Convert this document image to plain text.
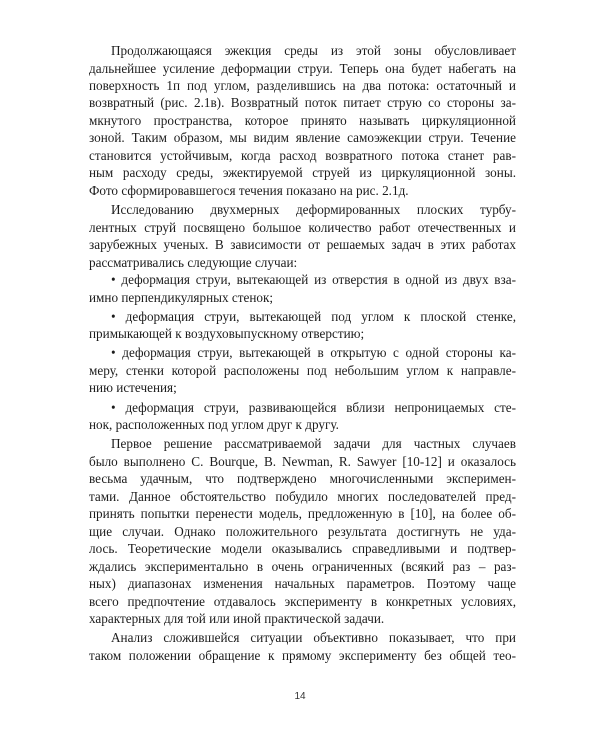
Продолжающаяся эжекция среды из этой зоны обусловливает
дальнейшее усиление деформации струи. Теперь она будет набегать на
поверхность 1п под углом, разделившись на два потока: остаточный и
возвратный (рис. 2.1в). Возвратный поток питает струю со стороны за-
мкнутого пространства, которое принято называть циркуляционной
зоной. Таким образом, мы видим явление самоэжекции струи. Течение
становится устойчивым, когда расход возвратного потока станет рав-
ным расходу среды, эжектируемой струей из циркуляционной зоны.
Фото сформировавшегося течения показано на рис. 2.1д.
Исследованию двухмерных деформированных плоских турбу-
лентных струй посвящено большое количество работ отечественных и
зарубежных ученых. В зависимости от решаемых задач в этих работах
рассматривались следующие случаи:
• деформация струи, вытекающей из отверстия в одной из двух вза-
имно перпендикулярных стенок;
• деформация струи, вытекающей под углом к плоской стенке,
примыкающей к воздуховыпускному отверстию;
• деформация струи, вытекающей в открытую с одной стороны ка-
меру, стенки которой расположены под небольшим углом к направле-
нию истечения;
• деформация струи, развивающейся вблизи непроницаемых сте-
нок, расположенных под углом друг к другу.
Первое решение рассматриваемой задачи для частных случаев
было выполнено C. Bourque, B. Newman, R. Sawyer [10-12] и оказалось
весьма удачным, что подтверждено многочисленными эксперимен-
тами. Данное обстоятельство побудило многих последователей пред-
принять попытки перенести модель, предложенную в [10], на более об-
щие случаи. Однако положительного результата достигнуть не уда-
лось. Теоретические модели оказывались справедливыми и подтвер-
ждались экспериментально в очень ограниченных (всякий раз – раз-
ных) диапазонах изменения начальных параметров. Поэтому чаще
всего предпочтение отдавалось эксперименту в конкретных условиях,
характерных для той или иной практической задачи.
Анализ сложившейся ситуации объективно показывает, что при
таком положении обращение к прямому эксперименту без общей тео-
14
